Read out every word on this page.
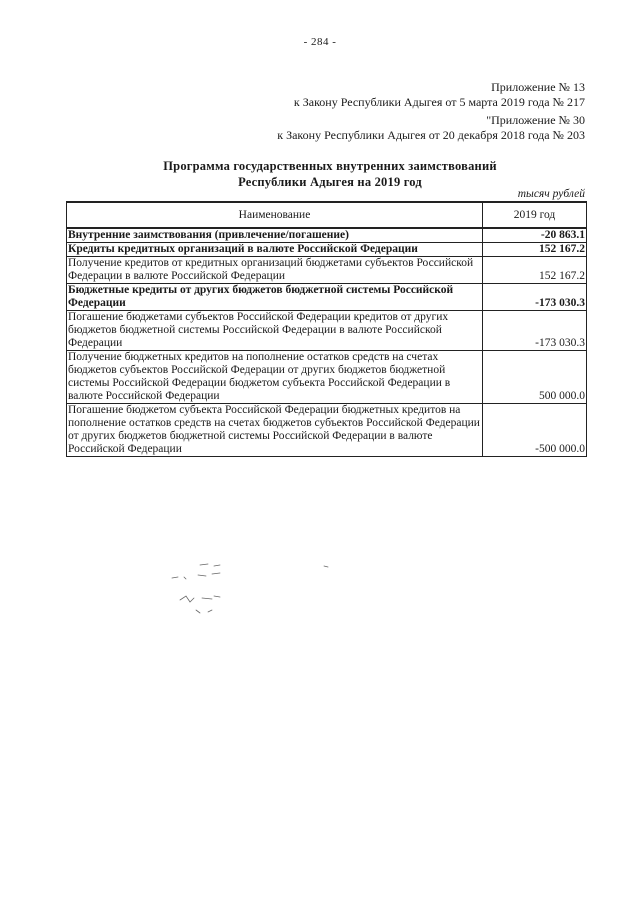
- 284 -
Приложение № 13
к Закону Республики Адыгея от 5 марта 2019 года № 217
"Приложение № 30
к Закону Республики Адыгея от 20 декабря 2018 года № 203
Программа государственных внутренних заимствований
Республики Адыгея на 2019 год
тысяч рублей
Наименование	2019 год
Внутренние заимствования (привлечение/погашение)	-20 863.1
Кредиты кредитных организаций в валюте Российской Федерации	152 167.2
Получение кредитов от кредитных организаций бюджетами субъектов Российской Федерации в валюте Российской Федерации	152 167.2
Бюджетные кредиты от других бюджетов бюджетной системы Российской Федерации	-173 030.3
Погашение бюджетами субъектов Российской Федерации кредитов от других бюджетов бюджетной системы Российской Федерации в валюте Российской Федерации	-173 030.3
Получение бюджетных кредитов на пополнение остатков средств на счетах бюджетов субъектов Российской Федерации от других бюджетов бюджетной системы Российской Федерации бюджетом субъекта Российской Федерации в валюте Российской Федерации	500 000.0
Погашение бюджетом субъекта Российской Федерации бюджетных кредитов на пополнение остатков средств на счетах бюджетов субъектов Российской Федерации от других бюджетов бюджетной системы Российской Федерации в валюте Российской Федерации	-500 000.0
